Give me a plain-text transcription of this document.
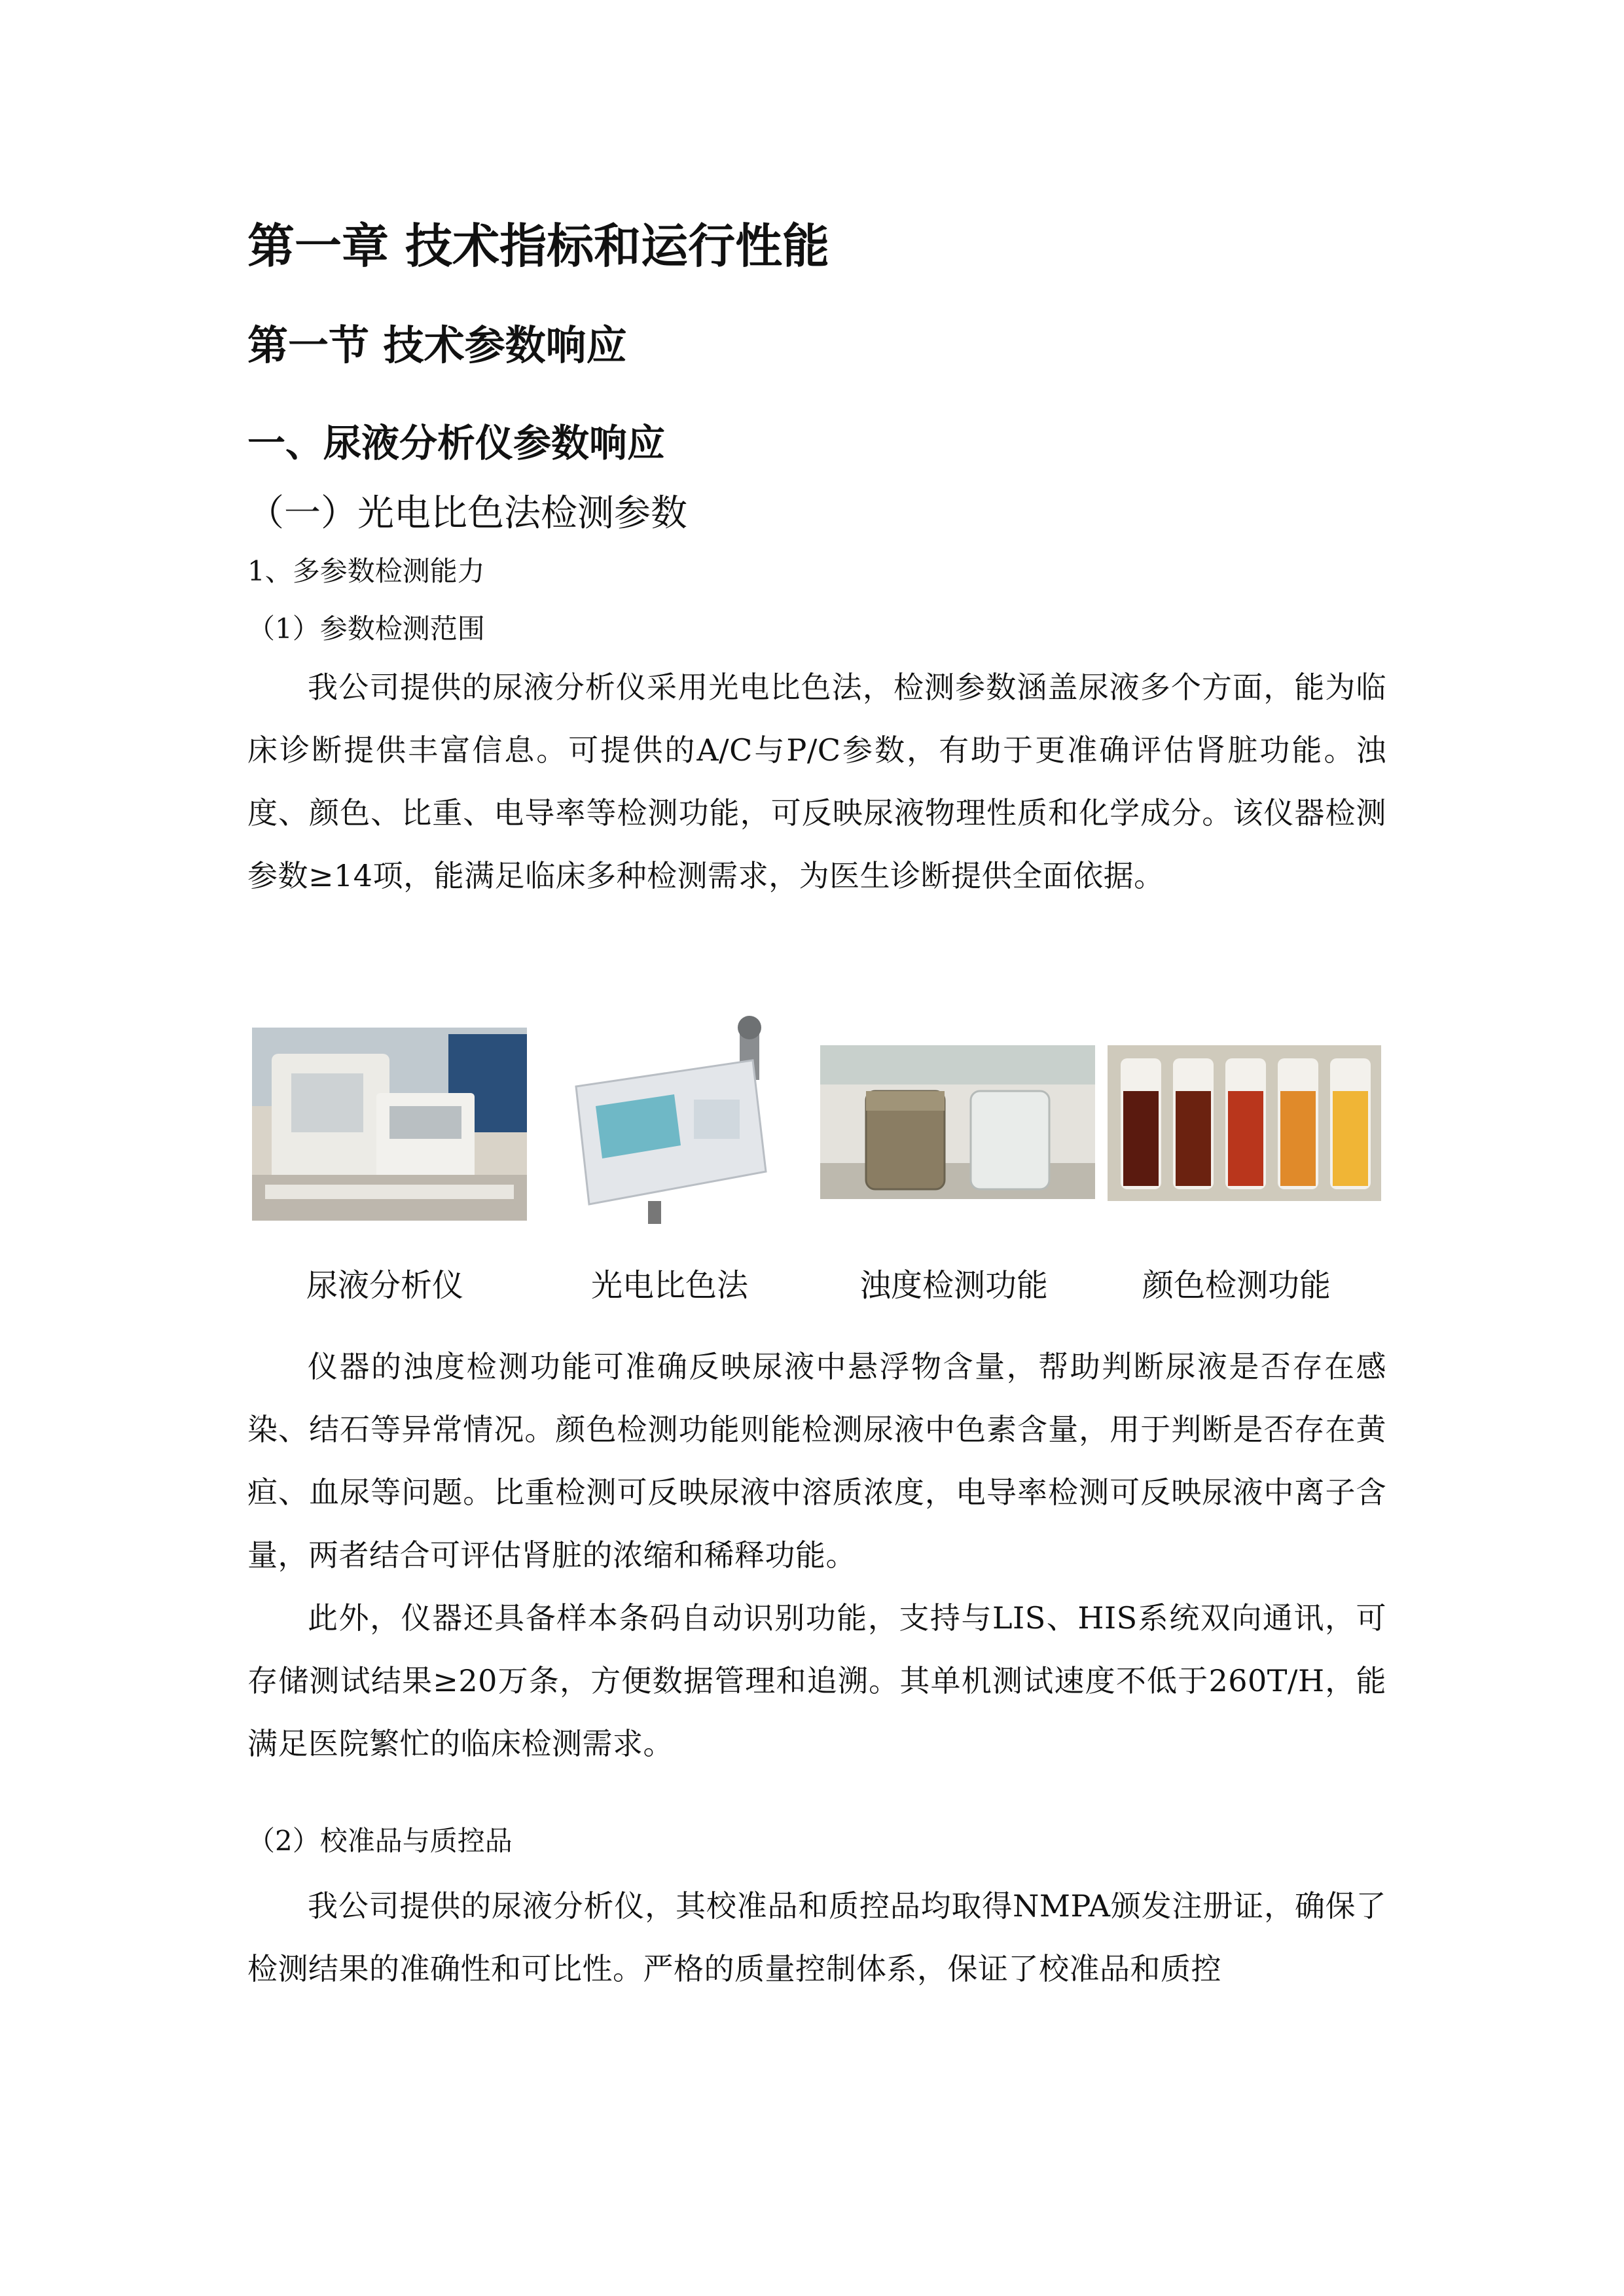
第一章 技术指标和运行性能
第一节 技术参数响应
一、尿液分析仪参数响应
（一）光电比色法检测参数
1、多参数检测能力
（1）参数检测范围

我公司提供的尿液分析仪采用光电比色法，检测参数涵盖尿液多个方面，能为临床诊断提供丰富信息。可提供的A/C与P/C参数，有助于更准确评估肾脏功能。浊度、颜色、比重、电导率等检测功能，可反映尿液物理性质和化学成分。该仪器检测参数≥14项，能满足临床多种检测需求，为医生诊断提供全面依据。

尿液分析仪	光电比色法	浊度检测功能	颜色检测功能

仪器的浊度检测功能可准确反映尿液中悬浮物含量，帮助判断尿液是否存在感染、结石等异常情况。颜色检测功能则能检测尿液中色素含量，用于判断是否存在黄疸、血尿等问题。比重检测可反映尿液中溶质浓度，电导率检测可反映尿液中离子含量，两者结合可评估肾脏的浓缩和稀释功能。

此外，仪器还具备样本条码自动识别功能，支持与LIS、HIS系统双向通讯，可存储测试结果≥20万条，方便数据管理和追溯。其单机测试速度不低于260T/H，能满足医院繁忙的临床检测需求。

（2）校准品与质控品

我公司提供的尿液分析仪，其校准品和质控品均取得NMPA颁发注册证，确保了检测结果的准确性和可比性。严格的质量控制体系，保证了校准品和质控
